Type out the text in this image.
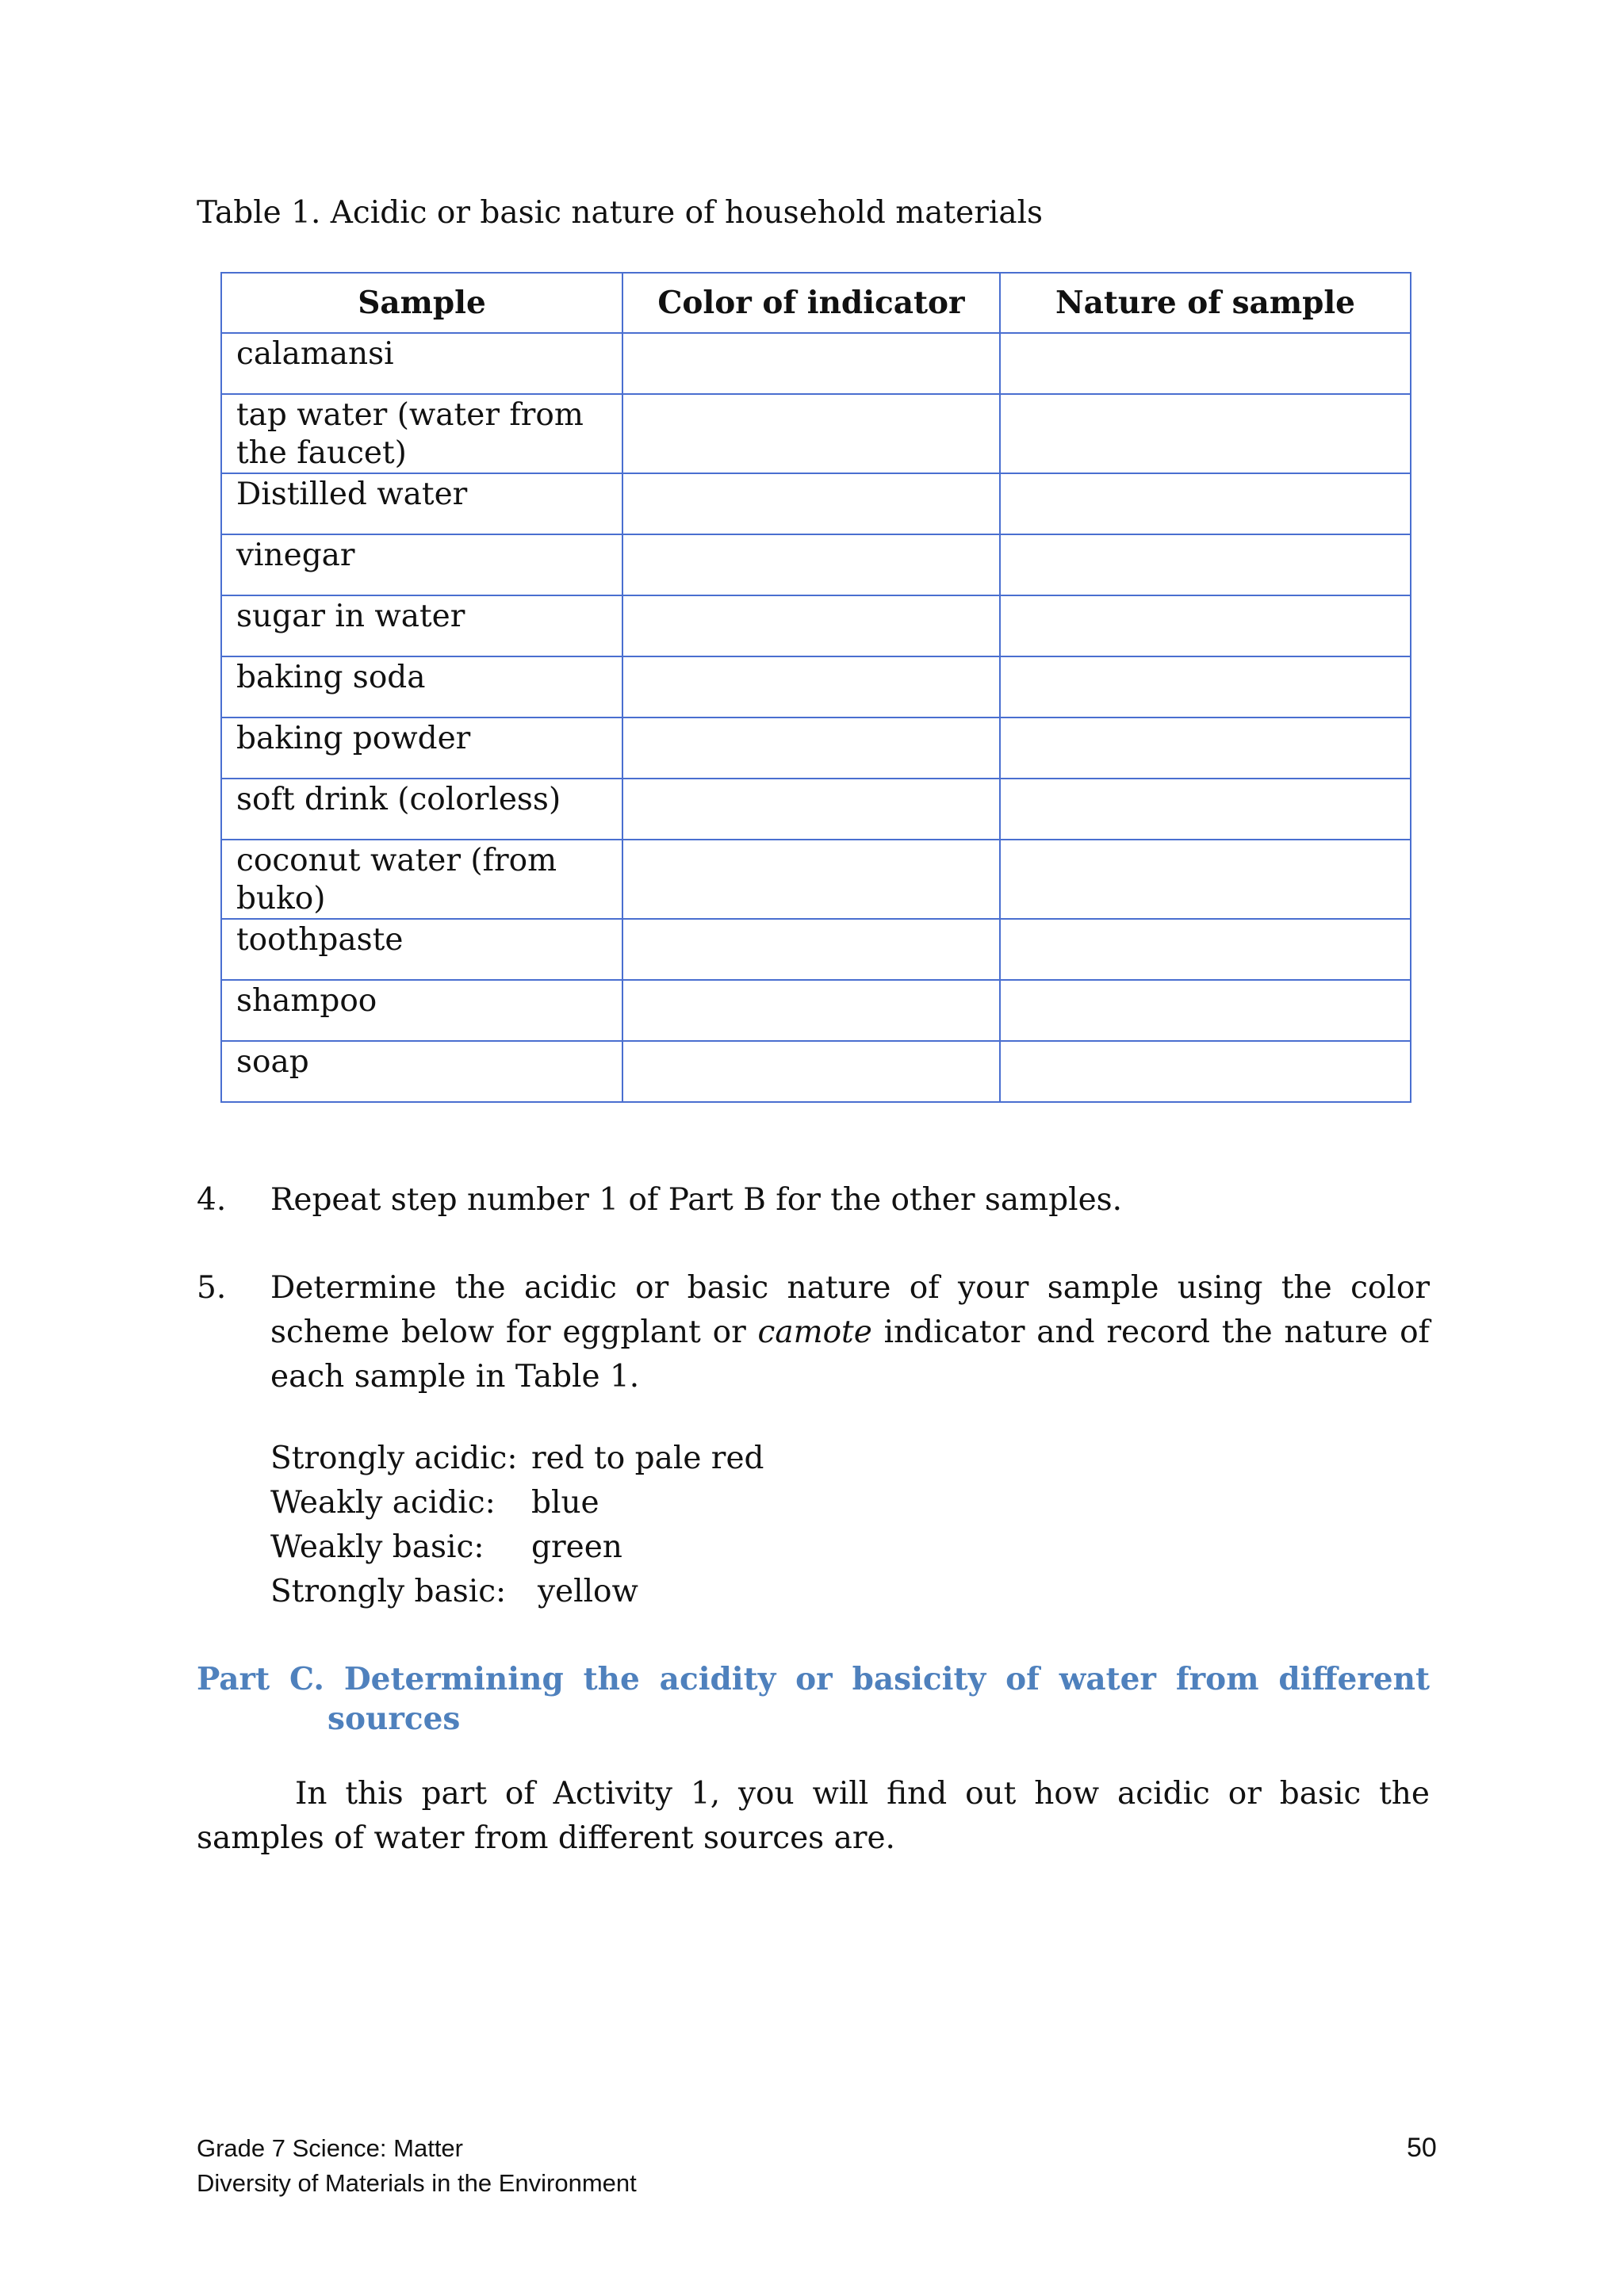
Table 1. Acidic or basic nature of household materials
Sample	Color of indicator	Nature of sample
calamansi		
tap water (water from the faucet)		
Distilled water		
vinegar		
sugar in water		
baking soda		
baking powder		
soft drink (colorless)		
coconut water (from buko)		
toothpaste		
shampoo		
soap		
4. Repeat step number 1 of Part B for the other samples.
5. Determine the acidic or basic nature of your sample using the color scheme below for eggplant or camote indicator and record the nature of each sample in Table 1.
Strongly acidic: red to pale red
Weakly acidic:	blue
Weakly basic:	green
Strongly basic:	yellow
Part C. Determining the acidity or basicity of water from different
sources
In this part of Activity 1, you will find out how acidic or basic the samples of water from different sources are.
Grade 7 Science: Matter
Diversity of Materials in the Environment
50
